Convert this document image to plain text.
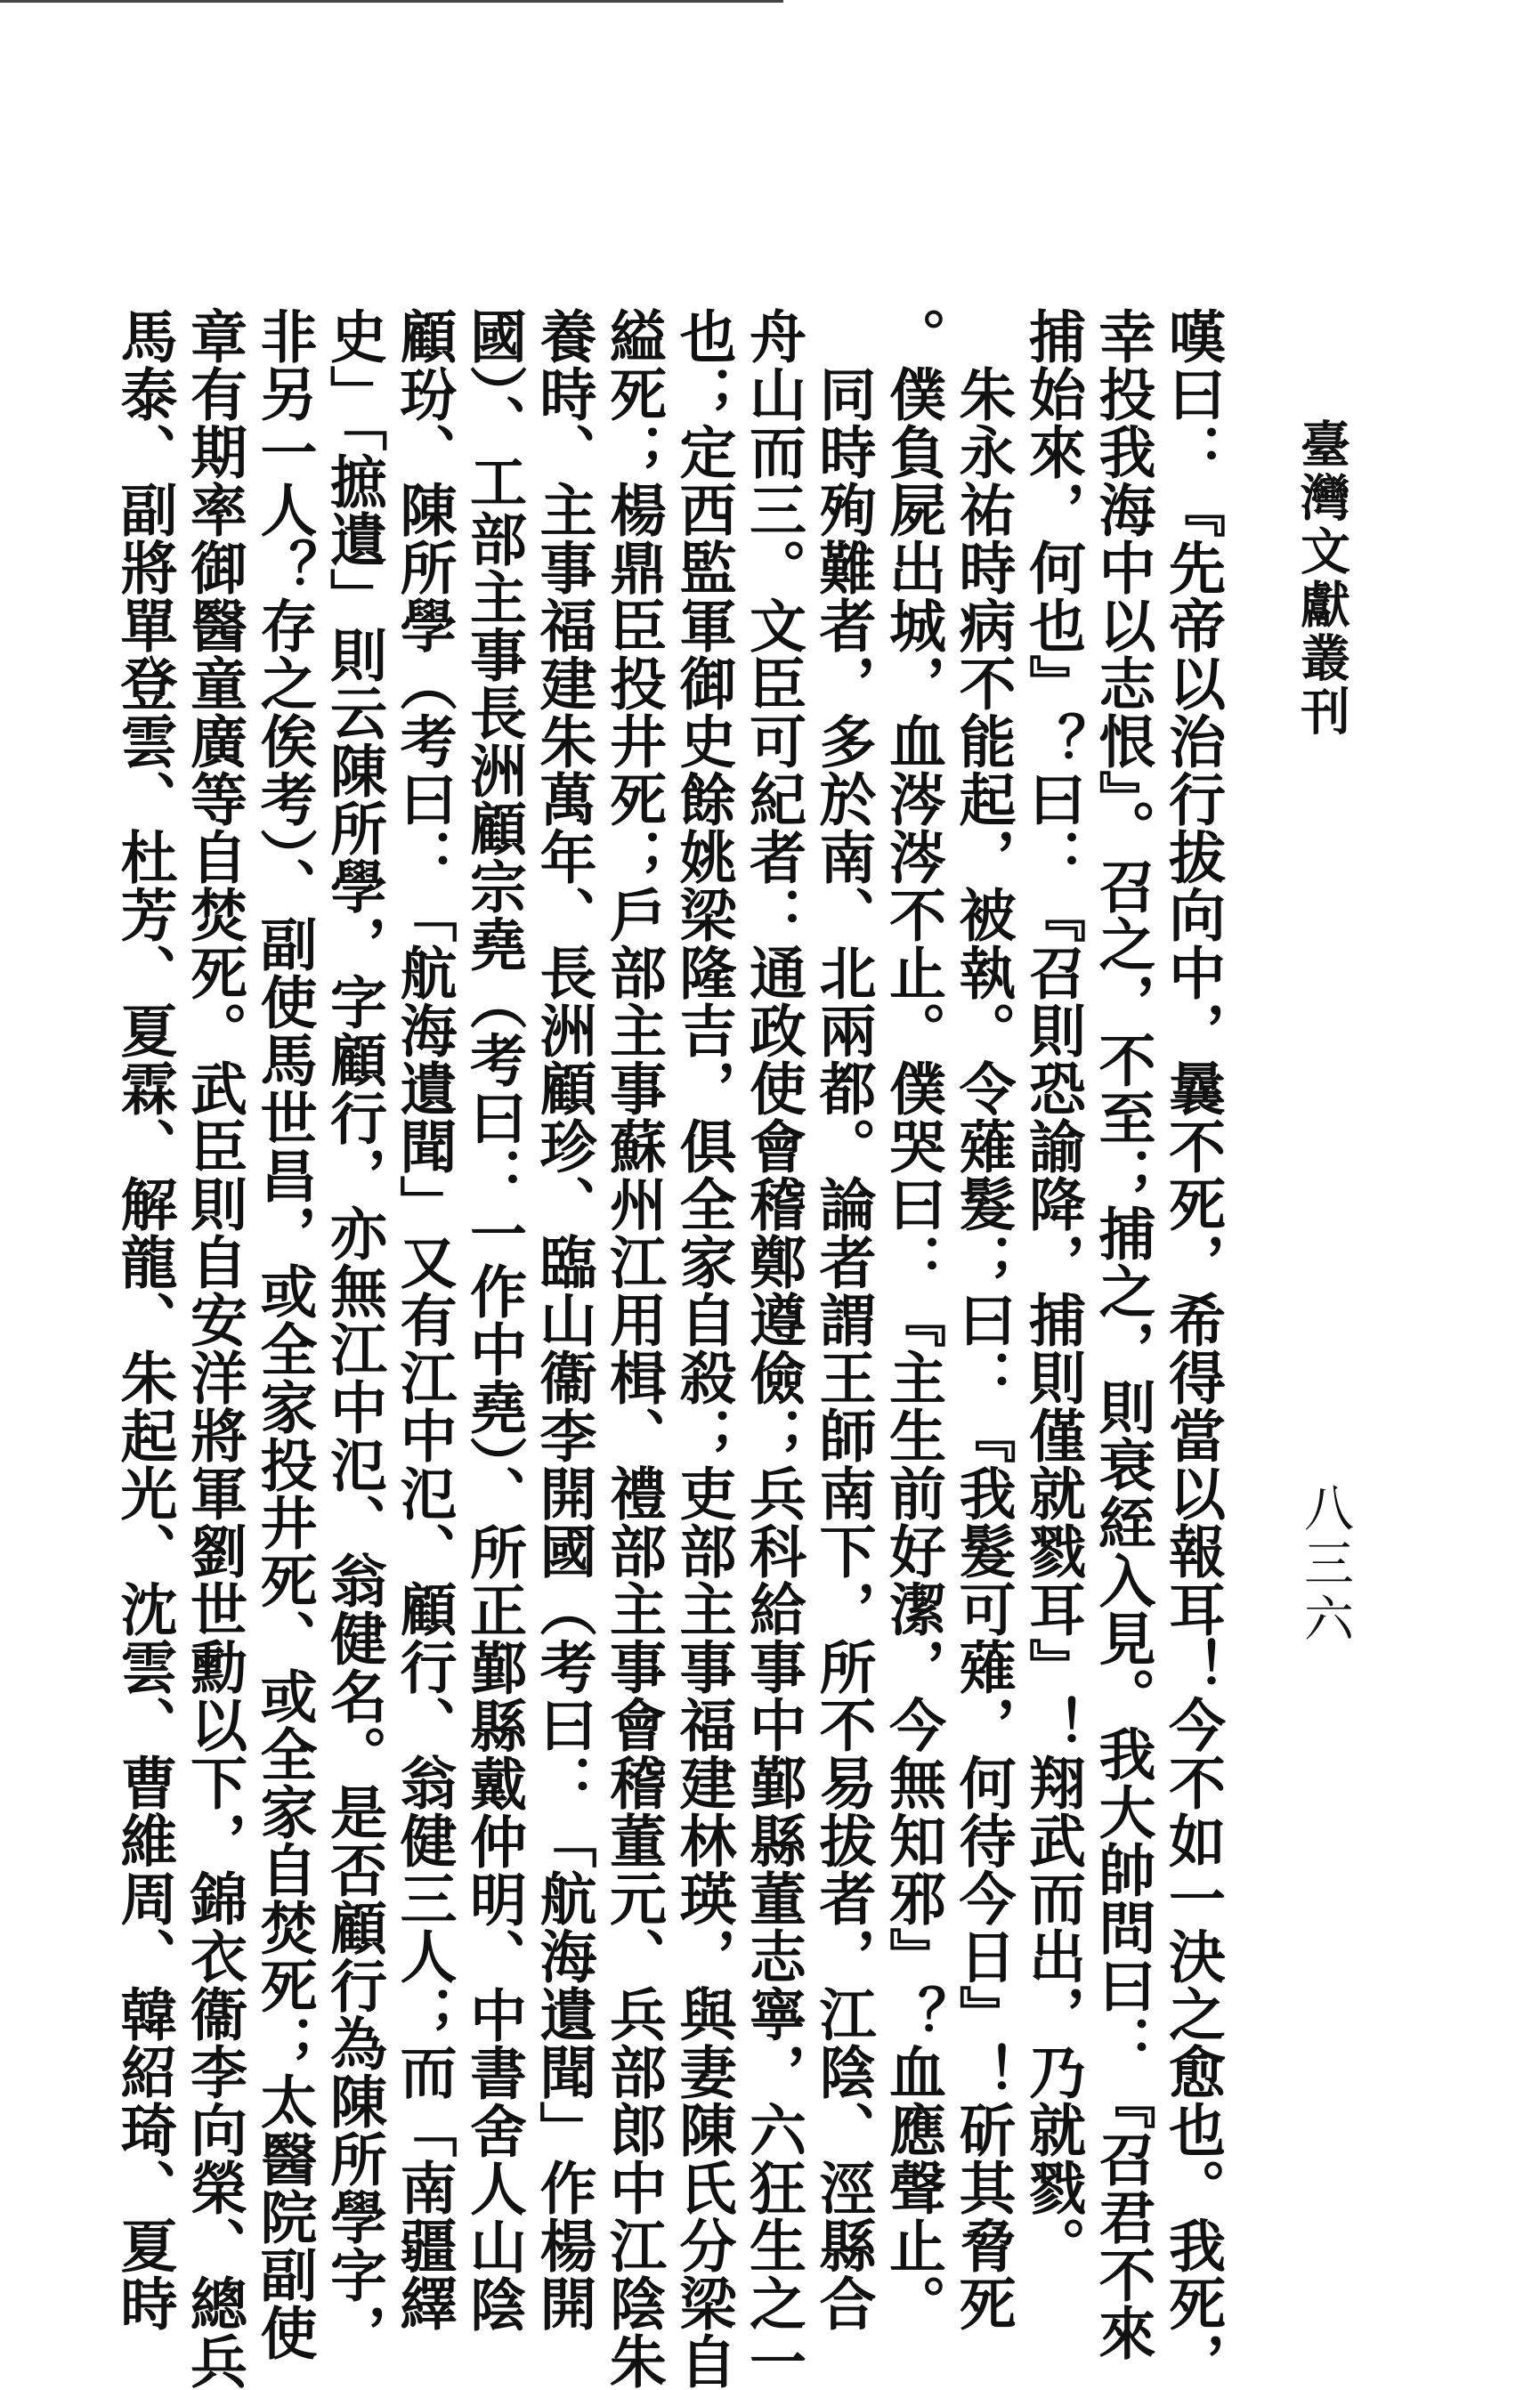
臺灣文獻叢刊
八三六
嘆曰：『先帝以治行拔向中，曩不死，希得當以報耳！今不如一決之愈也。我死，
幸投我海中以志恨』。召之，不至；捕之，則衰絰入見。我大帥問曰：『召君不來
捕始來，何也』？曰：『召則恐諭降，捕則僅就戮耳』！翔武而出，乃就戮。
　朱永祐時病不能起，被執。令薙髮；曰：『我髮可薙，何待今日』！斫其脅死
。僕負屍出城，血涔涔不止。僕哭曰：『主生前好潔，今無知邪』？血應聲止。
　同時殉難者，多於南、北兩都。論者謂王師南下，所不易拔者，江陰、涇縣合
舟山而三。文臣可紀者：通政使會稽鄭遵儉；兵科給事中鄞縣董志寧，六狂生之一
也；定西監軍御史餘姚梁隆吉，俱全家自殺；吏部主事福建林瑛，與妻陳氏分梁自
縊死；楊鼎臣投井死；戶部主事蘇州江用楫、禮部主事會稽董元、兵部郎中江陰朱
養時、主事福建朱萬年、長洲顧珍、臨山衞李開國（考曰：「航海遺聞」作楊開
國）、工部主事長洲顧宗堯（考曰：一作中堯）、所正鄞縣戴仲明、中書舍人山陰
顧玢、陳所學（考曰：「航海遺聞」又有江中氾、顧行、翁健三人；而「南疆繹
史」「摭遺」則云陳所學，字顧行，亦無江中氾、翁健名。是否顧行為陳所學字，
非另一人？存之俟考）、副使馬世昌，或全家投井死、或全家自焚死；太醫院副使
章有期率御醫童廣等自焚死。武臣則自安洋將軍劉世勳以下，錦衣衞李向榮、總兵
馬泰、副將單登雲、杜芳、夏霖、解龍、朱起光、沈雲、曹維周、韓紹琦、夏時
